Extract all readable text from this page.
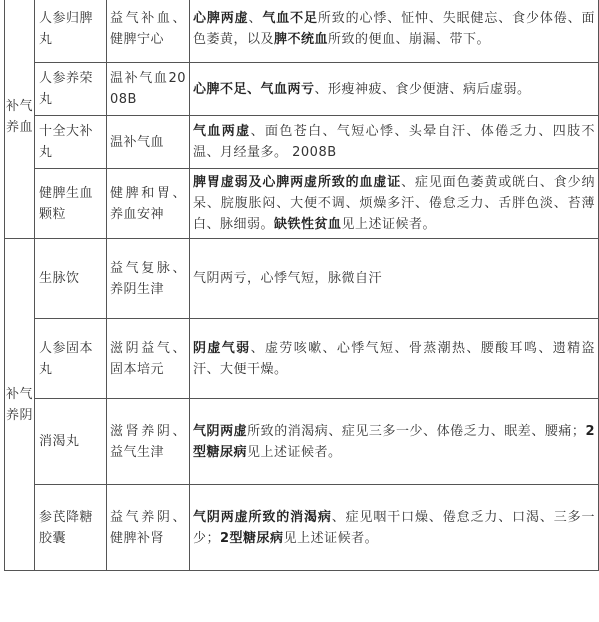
补气养血	人参归脾丸	益气补血、健脾宁心	心脾两虚、气血不足所致的心悸、怔忡、失眠健忘、食少体倦、面色萎黄，以及脾不统血所致的便血、崩漏、带下。
	人参养荣丸	温补气血2008B	心脾不足、气血两亏、形瘦神疲、食少便溏、病后虚弱。
	十全大补丸	温补气血	气血两虚、面色苍白、气短心悸、头晕自汗、体倦乏力、四肢不温、月经量多。 2008B
	健脾生血颗粒	健脾和胃、养血安神	脾胃虚弱及心脾两虚所致的血虚证、症见面色萎黄或㿠白、食少纳呆、脘腹胀闷、大便不调、烦燥多汗、倦怠乏力、舌胖色淡、苔薄白、脉细弱。缺铁性贫血见上述证候者。
补气养阴	生脉饮	益气复脉、养阴生津	气阴两亏，心悸气短，脉微自汗
	人参固本丸	滋阴益气、固本培元	阴虚气弱、虚劳咳嗽、心悸气短、骨蒸潮热、腰酸耳鸣、遗精盗汗、大便干燥。
	消渴丸	滋肾养阴、益气生津	气阴两虚所致的消渴病、症见三多一少、体倦乏力、眠差、腰痛；2型糖尿病见上述证候者。
	参芪降糖胶囊	益气养阴、健脾补肾	气阴两虚所致的消渴病、症见咽干口燥、倦怠乏力、口渴、三多一少；2型糖尿病见上述证候者。
